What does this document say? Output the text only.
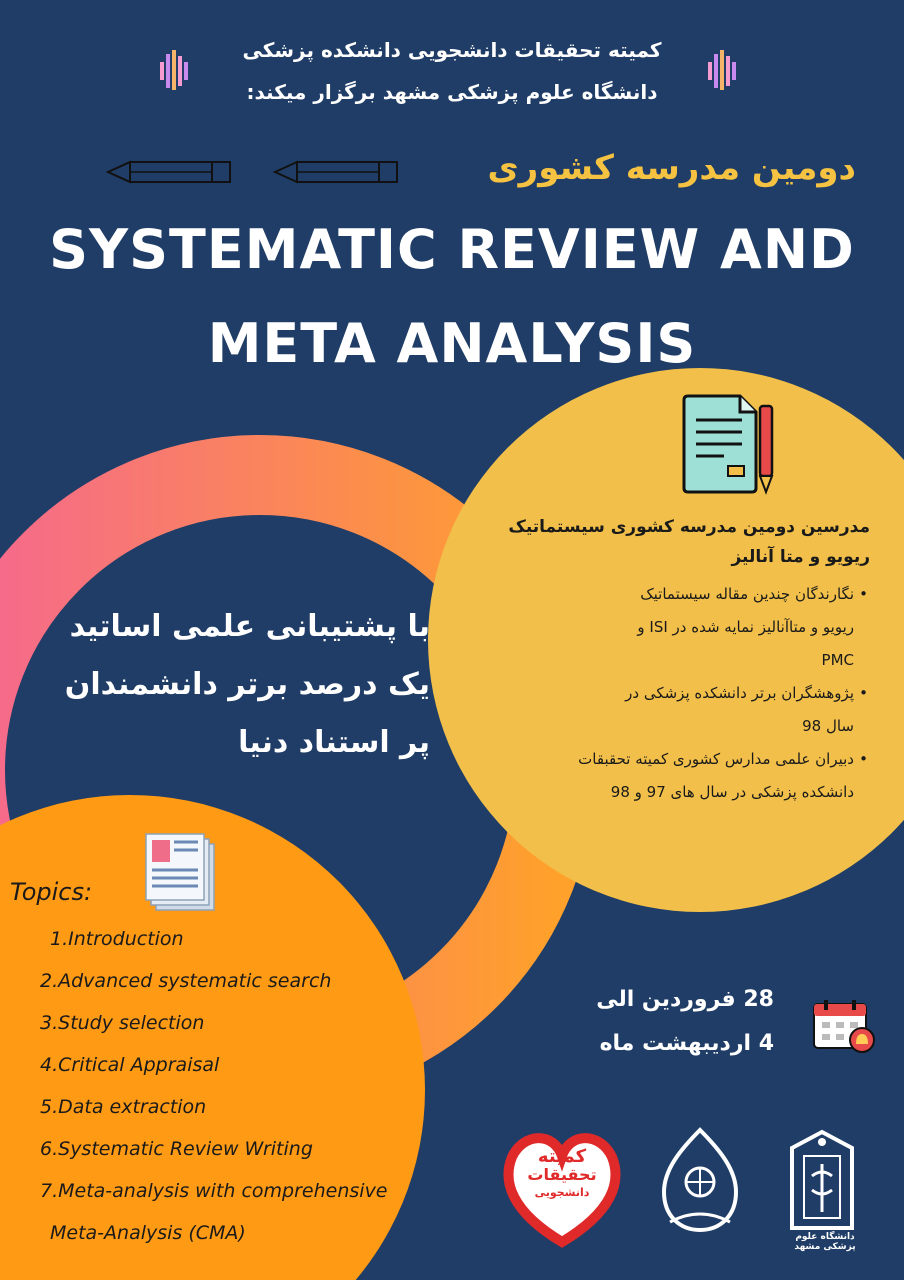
کمیته تحقیقات دانشجویی دانشکده پزشکی
دانشگاه علوم پزشکی مشهد برگزار میکند:
دومین مدرسه کشوری
SYSTEMATIC REVIEW AND
META ANALYSIS
مدرسین دومین مدرسه کشوری سیستماتیک
ریویو و متا آنالیز
• نگارندگان چندین مقاله سیستماتیک
ریویو و متاآنالیز نمایه شده در ISI و
PMC
• پژوهشگران برتر دانشکده پزشکی در
سال 98
• دبیران علمی مدارس کشوری کمیته تحقبقات
دانشکده پزشکی در سال های 97 و 98
با پشتیبانی علمی اساتید
یک درصد برتر دانشمندان
پر استناد دنیا
Topics:
1.Introduction
2.Advanced systematic search
3.Study selection
4.Critical Appraisal
5.Data extraction
6.Systematic Review Writing
7.Meta-analysis with comprehensive
Meta-Analysis (CMA)
28 فروردین الی
4 اردیبهشت ماه
کمیته
تحقیقات
دانشجویی
دانشگاه علوم پزشکی مشهد
